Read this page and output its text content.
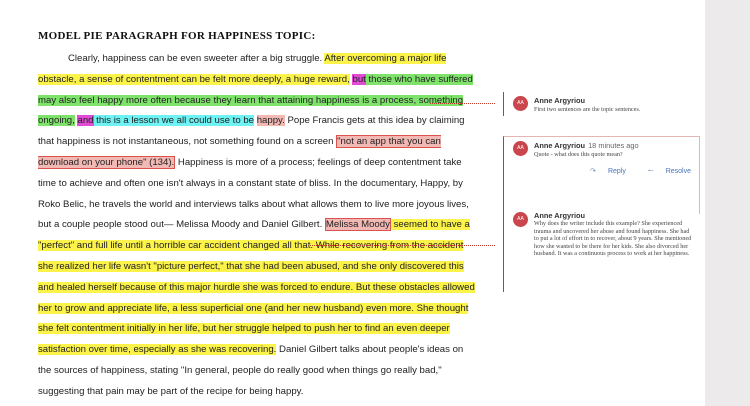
MODEL PIE PARAGRAPH FOR HAPPINESS TOPIC:

Clearly, happiness can be even sweeter after a big struggle. After overcoming a major life obstacle, a sense of contentment can be felt more deeply, a huge reward, but those who have suffered may also feel happy more often because they learn that attaining happiness is a process, something ongoing, and this is a lesson we all could use to be happy. Pope Francis gets at this idea by claiming that happiness is not instantaneous, not something found on a screen "not an app that you can download on your phone" (134). Happiness is more of a process; feelings of deep contentment take time to achieve and often one isn't always in a constant state of bliss. In the documentary, Happy, by Roko Belic, he travels the world and interviews talks about what allows them to live more joyous lives, but a couple people stood out— Melissa Moody and Daniel Gilbert. Melissa Moody seemed to have a "perfect" and full life until a horrible car accident changed all that. While recovering from the accident she realized her life wasn't "picture perfect," that she had been abused, and she only discovered this and healed herself because of this major hurdle she was forced to endure. But these obstacles allowed her to grow and appreciate life, a less superficial one (and her new husband) even more. She thought she felt contentment initially in her life, but her struggle helped to push her to find an even deeper satisfaction over time, especially as she was recovering. Daniel Gilbert talks about people's ideas on the sources of happiness, stating "In general, people do really good when things go really bad," suggesting that pain may be part of the recipe for being happy.

AA	Anne Argyriou
First two sentences are the topic sentences.
AA	Anne Argyriou 18 minutes ago
Quote - what does this quote mean?
↷ Reply	↼ Resolve
AA	Anne Argyriou
Why does the writer include this example? She experienced trauma and uncovered her abuse and found happiness. She had to put a lot of effort in to recover, about 9 years. She mentioned how she wanted to be there for her kids. She also divorced her husband. It was a continuous process to work at her happiness.
